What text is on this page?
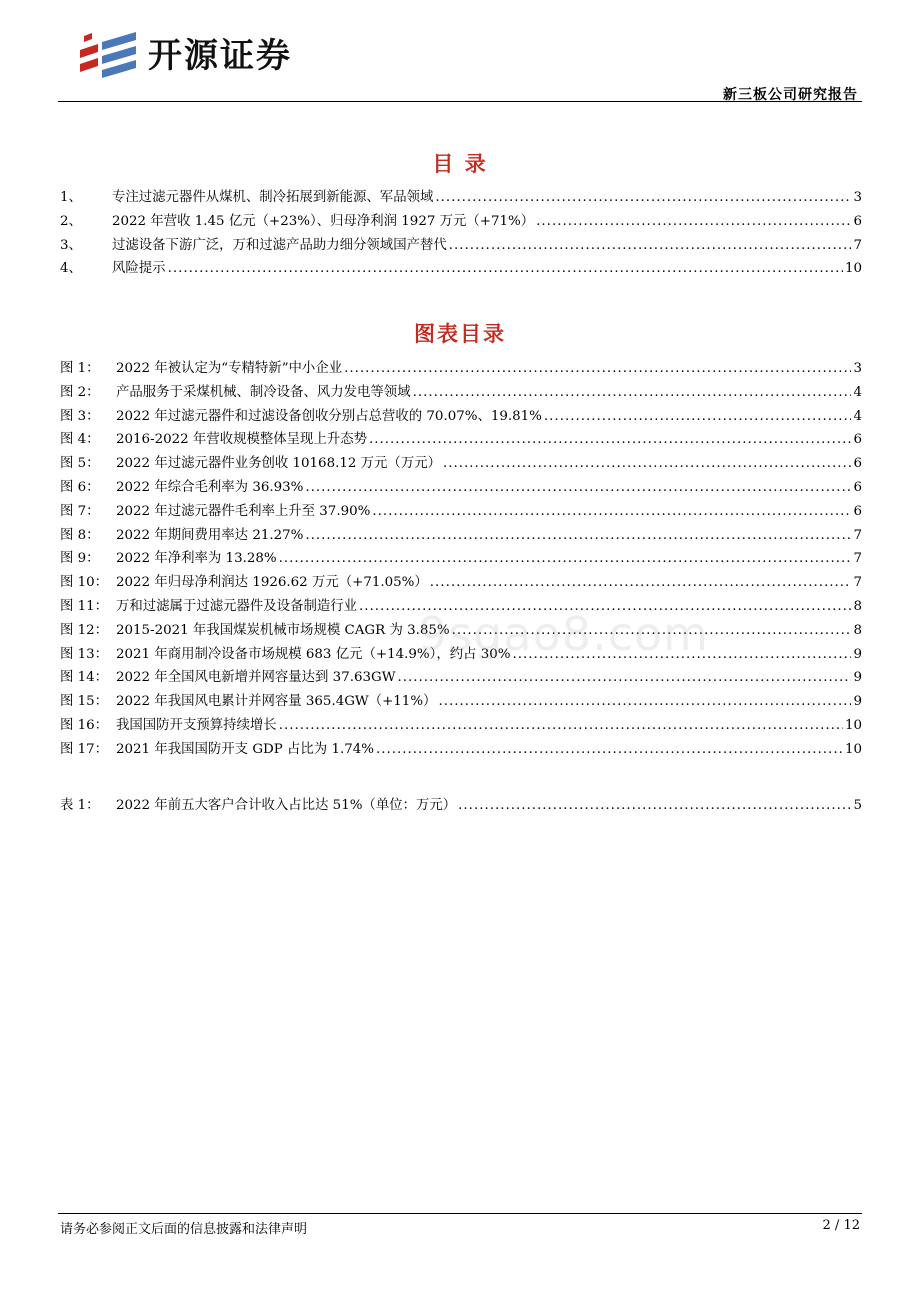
开源证券
新三板公司研究报告
目 录
1、	专注过滤元器件从煤机、制冷拓展到新能源、军品领域 .....	3
2、	2022 年营收 1.45 亿元（+23%）、归母净利润 1927 万元（+71%） .....	6
3、	过滤设备下游广泛，万和过滤产品助力细分领域国产替代 .....	7
4、	风险提示 .....	10
图表目录
图 1：	2022 年被认定为“专精特新”中小企业 .....	3
图 2：	产品服务于采煤机械、制冷设备、风力发电等领域 .....	4
图 3：	2022 年过滤元器件和过滤设备创收分别占总营收的 70.07%、19.81% .....	4
图 4：	2016-2022 年营收规模整体呈现上升态势 .....	6
图 5：	2022 年过滤元器件业务创收 10168.12 万元（万元） .....	6
图 6：	2022 年综合毛利率为 36.93% .....	6
图 7：	2022 年过滤元器件毛利率上升至 37.90% .....	6
图 8：	2022 年期间费用率达 21.27% .....	7
图 9：	2022 年净利率为 13.28% .....	7
图 10： 2022 年归母净利润达 1926.62 万元（+71.05%） .....	7
图 11： 万和过滤属于过滤元器件及设备制造行业 .....	8
图 12： 2015-2021 年我国煤炭机械市场规模 CAGR 为 3.85% .....	8
图 13： 2021 年商用制冷设备市场规模 683 亿元（+14.9%），约占 30% .....	9
图 14： 2022 年全国风电新增并网容量达到 37.63GW .....	9
图 15： 2022 年我国风电累计并网容量 365.4GW（+11%） .....	9
图 16： 我国国防开支预算持续增长 .....	10
图 17： 2021 年我国国防开支 GDP 占比为 1.74% .....	10
表 1：	2022 年前五大客户合计收入占比达 51%（单位：万元） .....	5
9sgao8.com
请务必参阅正文后面的信息披露和法律声明	2 / 12
